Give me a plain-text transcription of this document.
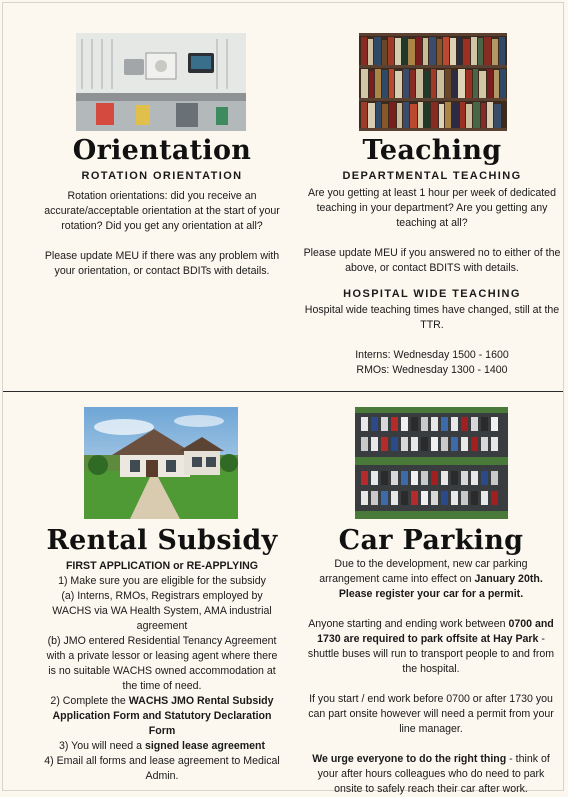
Orientation
ROTATION ORIENTATION

Rotation orientations: did you receive an accurate/acceptable orientation at the start of your rotation? Did you get any orientation at all?

Please update MEU if there was any problem with your orientation, or contact BDITs with details.

Teaching
DEPARTMENTAL TEACHING

Are you getting at least 1 hour per week of dedicated teaching in your department? Are you getting any teaching at all?

Please update MEU if you answered no to either of the above, or contact BDITS with details.

HOSPITAL WIDE TEACHING

Hospital wide teaching times have changed, still at the TTR.

Interns: Wednesday 1500 - 1600

RMOs: Wednesday 1300 - 1400

Rental Subsidy

FIRST APPLICATION or RE-APPLYING

1) Make sure you are eligible for the subsidy

(a) Interns, RMOs, Registrars employed by WACHS via WA Health System, AMA industrial agreement

(b) JMO entered Residential Tenancy Agreement with a private lessor or leasing agent where there is no suitable WACHS owned accommodation at the time of need.

2) Complete the WACHS JMO Rental Subsidy Application Form and Statutory Declaration Form

3) You will need a signed lease agreement

4) Email all forms and lease agreement to Medical Admin.

Car Parking

Due to the development, new car parking arrangement came into effect on January 20th. Please register your car for a permit.

Anyone starting and ending work between 0700 and 1730 are required to park offsite at Hay Park - shuttle buses will run to transport people to and from the hospital.

If you start / end work before 0700 or after 1730 you can part onsite however will need a permit from your line manager.

We urge everyone to do the right thing - think of your after hours colleagues who do need to park onsite to safely reach their car after work.
